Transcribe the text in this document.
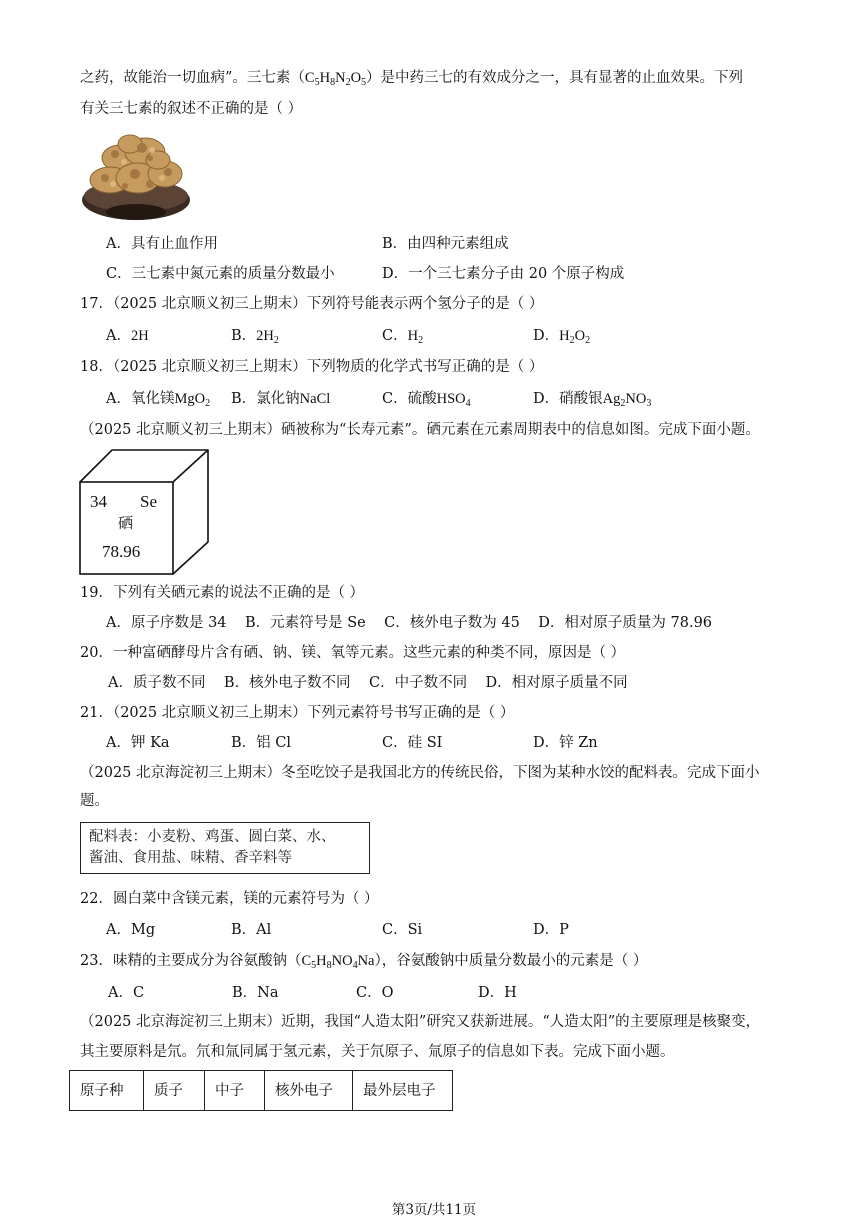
之药，故能治一切血病”。三七素$(C_5H_8N_2O_5)$是中药三七的有效成分之一，具有显著的止血效果。下列
有关三七素的叙述不正确的是（ ）
A．具有止血作用	B．由四种元素组成
C．三七素中氮元素的质量分数最小	D．一个三七素分子由 20 个原子构成
17．（2025 北京顺义初三上期末）下列符号能表示两个氢分子的是（ ）
A．2H	B．$2H_2$	C．$H_2$	D．$H_2O_2$
18．（2025 北京顺义初三上期末）下列物质的化学式书写正确的是（ ）
A．氧化镁MgO$_2$ B．氯化钠NaCl	C．硫酸$HSO_4$	D．硝酸银$Ag_2NO_3$
（2025 北京顺义初三上期末）硒被称为“长寿元素”。硒元素在元素周期表中的信息如图。完成下面小题。
34 Se
硒
78.96
19．下列有关硒元素的说法不正确的是（ ）
A．原子序数是 34    B．元素符号是 Se    C．核外电子数为 45    D．相对原子质量为 78.96
20．一种富硒酵母片含有硒、钠、镁、氧等元素。这些元素的种类不同，原因是（ ）
A．质子数不同    B．核外电子数不同    C．中子数不同    D．相对原子质量不同
21．（2025 北京顺义初三上期末）下列元素符号书写正确的是（ ）
A．钾 Ka	B．铝 Cl	C．硅 SI	D．锌 Zn
（2025 北京海淀初三上期末）冬至吃饺子是我国北方的传统民俗，下图为某种水饺的配料表。完成下面小
题。
配料表：小麦粉、鸡蛋、圆白菜、水、
酱油、食用盐、味精、香辛料等
22．圆白菜中含镁元素，镁的元素符号为（ ）
A．Mg	B．Al	C．Si	D．P
23．味精的主要成分为谷氨酸钠$(C_5H_8NO_4Na)$，谷氨酸钠中质量分数最小的元素是（ ）
A．C	B．Na	C．O	D．H
（2025 北京海淀初三上期末）近期，我国“人造太阳”研究又获新进展。“人造太阳”的主要原理是核聚变，
其主要原料是氘。氘和氚同属于氢元素，关于氘原子、氚原子的信息如下表。完成下面小题。
原子种	质子	中子	核外电子	最外层电子
第3页/共11页
